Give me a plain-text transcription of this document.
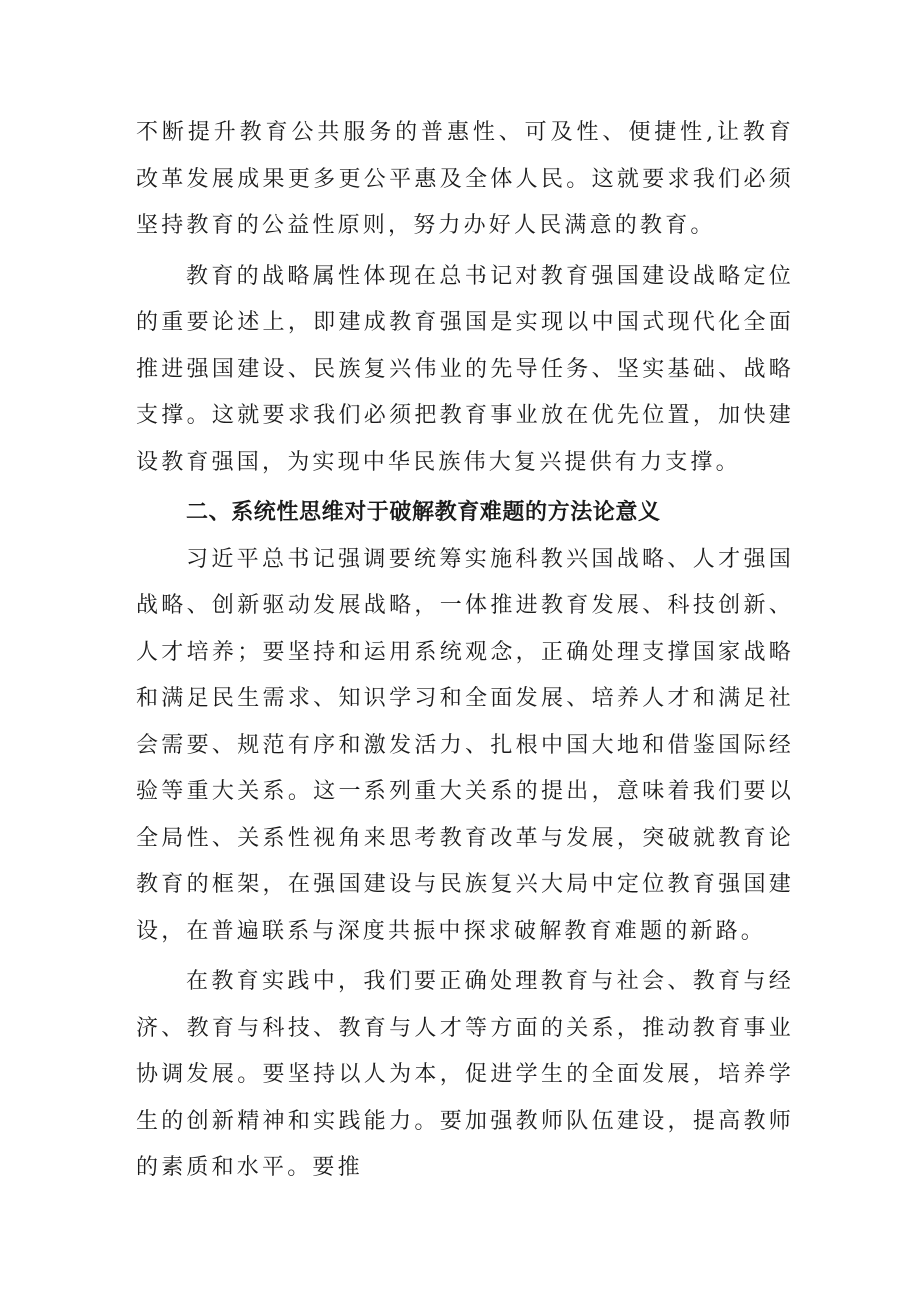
不断提升教育公共服务的普惠性、可及性、便捷性,让教育改革发展成果更多更公平惠及全体人民。这就要求我们必须坚持教育的公益性原则，努力办好人民满意的教育。

教育的战略属性体现在总书记对教育强国建设战略定位的重要论述上，即建成教育强国是实现以中国式现代化全面推进强国建设、民族复兴伟业的先导任务、坚实基础、战略支撑。这就要求我们必须把教育事业放在优先位置，加快建设教育强国，为实现中华民族伟大复兴提供有力支撑。

二、系统性思维对于破解教育难题的方法论意义

习近平总书记强调要统筹实施科教兴国战略、人才强国战略、创新驱动发展战略，一体推进教育发展、科技创新、人才培养；要坚持和运用系统观念，正确处理支撑国家战略和满足民生需求、知识学习和全面发展、培养人才和满足社会需要、规范有序和激发活力、扎根中国大地和借鉴国际经验等重大关系。这一系列重大关系的提出，意味着我们要以全局性、关系性视角来思考教育改革与发展，突破就教育论教育的框架，在强国建设与民族复兴大局中定位教育强国建设，在普遍联系与深度共振中探求破解教育难题的新路。

在教育实践中，我们要正确处理教育与社会、教育与经济、教育与科技、教育与人才等方面的关系，推动教育事业协调发展。要坚持以人为本，促进学生的全面发展，培养学生的创新精神和实践能力。要加强教师队伍建设，提高教师的素质和水平。要推
